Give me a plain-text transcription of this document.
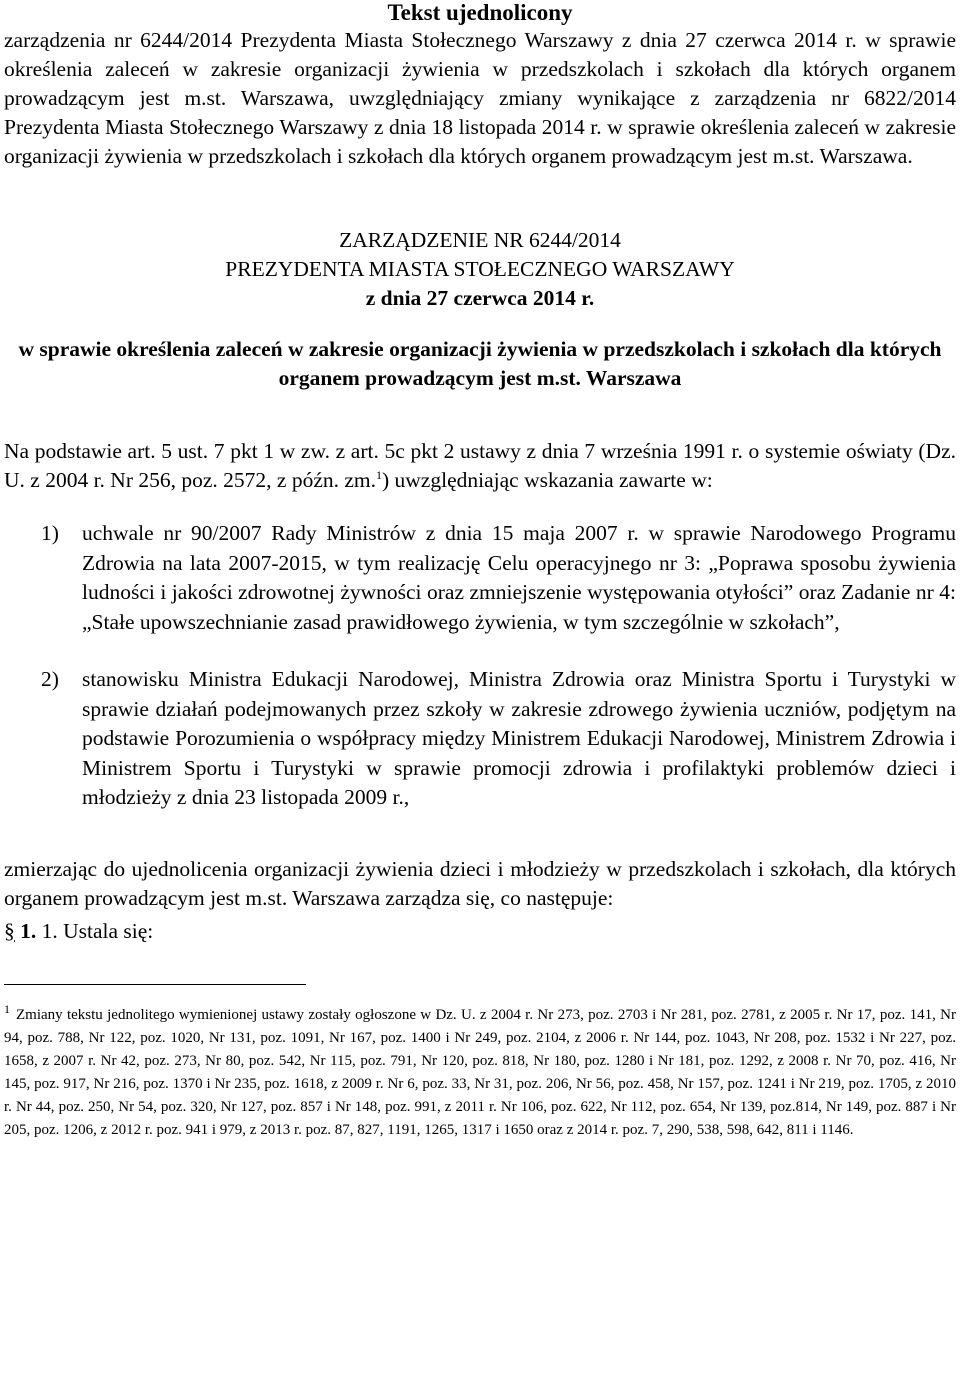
Tekst ujednolicony

zarządzenia nr 6244/2014 Prezydenta Miasta Stołecznego Warszawy z dnia 27 czerwca 2014 r. w sprawie określenia zaleceń w zakresie organizacji żywienia w przedszkolach i szkołach dla których organem prowadzącym jest m.st. Warszawa, uwzględniający zmiany wynikające z zarządzenia nr 6822/2014 Prezydenta Miasta Stołecznego Warszawy z dnia 18 listopada 2014 r. w sprawie określenia zaleceń w zakresie organizacji żywienia w przedszkolach i szkołach dla których organem prowadzącym jest m.st. Warszawa.

ZARZĄDZENIE NR 6244/2014
PREZYDENTA MIASTA STOŁECZNEGO WARSZAWY
z dnia 27 czerwca 2014 r.
w sprawie określenia zaleceń w zakresie organizacji żywienia w przedszkolach i szkołach dla których organem prowadzącym jest m.st. Warszawa
Na podstawie art. 5 ust. 7 pkt 1 w zw. z art. 5c pkt 2 ustawy z dnia 7 września 1991 r. o systemie oświaty (Dz. U. z 2004 r. Nr 256, poz. 2572, z późn. zm.$^1$) uwzględniając wskazania zawarte w:
1) uchwale nr 90/2007 Rady Ministrów z dnia 15 maja 2007 r. w sprawie Narodowego Programu Zdrowia na lata 2007-2015, w tym realizację Celu operacyjnego nr 3: „Poprawa sposobu żywienia ludności i jakości zdrowotnej żywności oraz zmniejszenie występowania otyłości” oraz Zadanie nr 4: „Stałe upowszechnianie zasad prawidłowego żywienia, w tym szczególnie w szkołach”,
2) stanowisku Ministra Edukacji Narodowej, Ministra Zdrowia oraz Ministra Sportu i Turystyki w sprawie działań podejmowanych przez szkoły w zakresie zdrowego żywienia uczniów, podjętym na podstawie Porozumienia o współpracy między Ministrem Edukacji Narodowej, Ministrem Zdrowia i Ministrem Sportu i Turystyki w sprawie promocji zdrowia i profilaktyki problemów dzieci i młodzieży z dnia 23 listopada 2009 r.,
zmierzając do ujednolicenia organizacji żywienia dzieci i młodzieży w przedszkolach i szkołach, dla których organem prowadzącym jest m.st. Warszawa zarządza się, co następuje:
§ 1. 1. Ustala się:
$^1$ Zmiany tekstu jednolitego wymienionej ustawy zostały ogłoszone w Dz. U. z 2004 r. Nr 273, poz. 2703 i Nr 281, poz. 2781, z 2005 r. Nr 17, poz. 141, Nr 94, poz. 788, Nr 122, poz. 1020, Nr 131, poz. 1091, Nr 167, poz. 1400 i Nr 249, poz. 2104, z 2006 r. Nr 144, poz. 1043, Nr 208, poz. 1532 i Nr 227, poz. 1658, z 2007 r. Nr 42, poz. 273, Nr 80, poz. 542, Nr 115, poz. 791, Nr 120, poz. 818, Nr 180, poz. 1280 i Nr 181, poz. 1292, z 2008 r. Nr 70, poz. 416, Nr 145, poz. 917, Nr 216, poz. 1370 i Nr 235, poz. 1618, z 2009 r. Nr 6, poz. 33, Nr 31, poz. 206, Nr 56, poz. 458, Nr 157, poz. 1241 i Nr 219, poz. 1705, z 2010 r. Nr 44, poz. 250, Nr 54, poz. 320, Nr 127, poz. 857 i Nr 148, poz. 991, z 2011 r. Nr 106, poz. 622, Nr 112, poz. 654, Nr 139, poz.814, Nr 149, poz. 887 i Nr 205, poz. 1206, z 2012 r. poz. 941 i 979, z 2013 r. poz. 87, 827, 1191, 1265, 1317 i 1650 oraz z 2014 r. poz. 7, 290, 538, 598, 642, 811 i 1146.
